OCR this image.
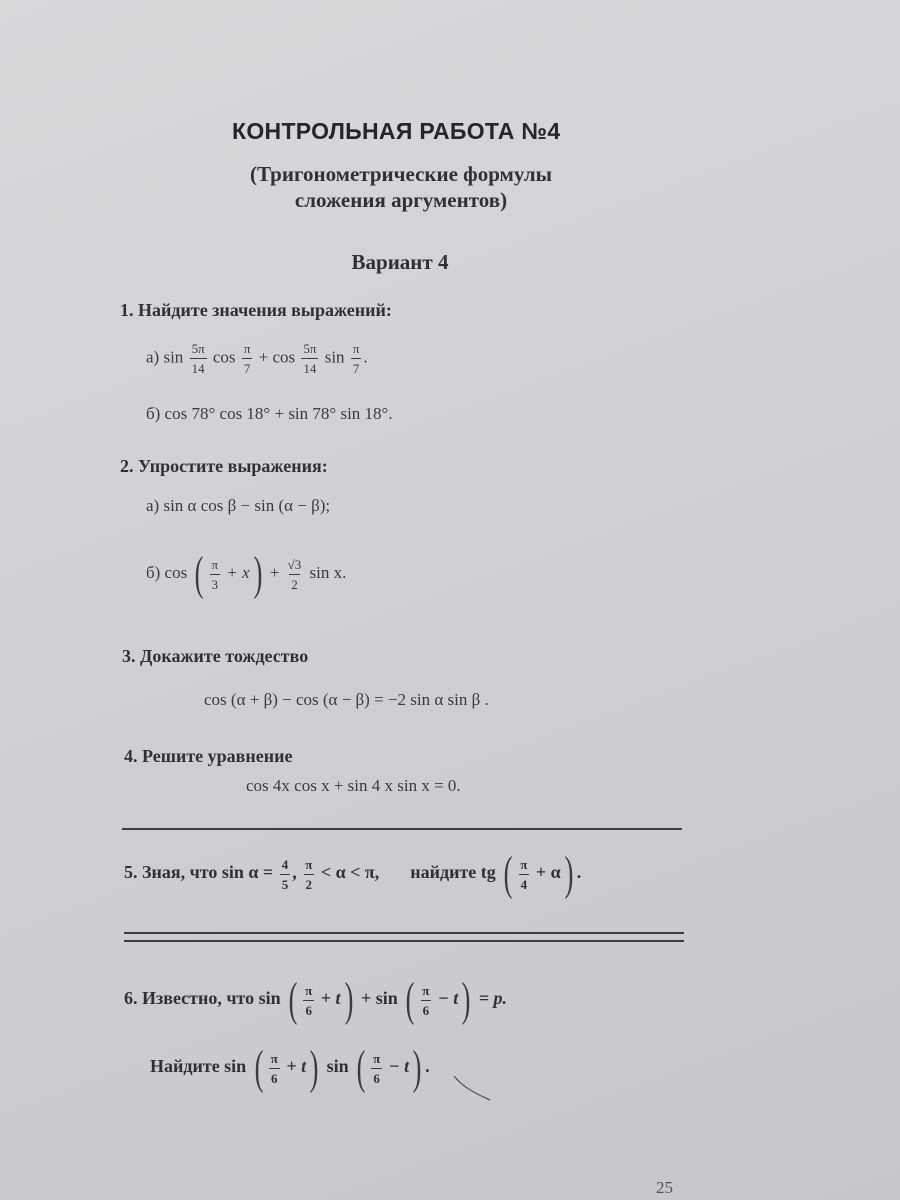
КОНТРОЛЬНАЯ РАБОТА №4
(Тригонометрические формулы
сложения аргументов)
Вариант 4
1. Найдите значения выражений:
а) $\sin \frac{5\pi}{14}$ $\cos \frac{\pi}{7} + \cos \frac{5\pi}{14}$ $\sin \frac{\pi}{7}$ .
б) cos 78° cos 18° + sin 78° sin 18°.
2. Упростите выражения:
а) sin α cos β − sin (α − β);
б) cos ( $\frac{\pi}{3} + x) + \frac{√3}{2}$ sin x.
3. Докажите тождество
cos (α + β) − cos (α − β) = −2 sin α sin β .
4. Решите уравнение
cos 4x cos x + sin 4 x sin x = 0.
5. Зная, что $\sin \alpha = \frac{4}{5}$ , $\frac{\pi}{2} < \alpha < \pi$, найдите tg ( $\frac{\pi}{4} + \alpha$) .
6. Известно, что sin ( $\frac{\pi}{6} + t) + \sin$ ( $\frac{\pi}{6} - t) = p$.
Найдите sin ( $\frac{\pi}{6} + t$) sin ( $\frac{\pi}{6} - t$) .
25
